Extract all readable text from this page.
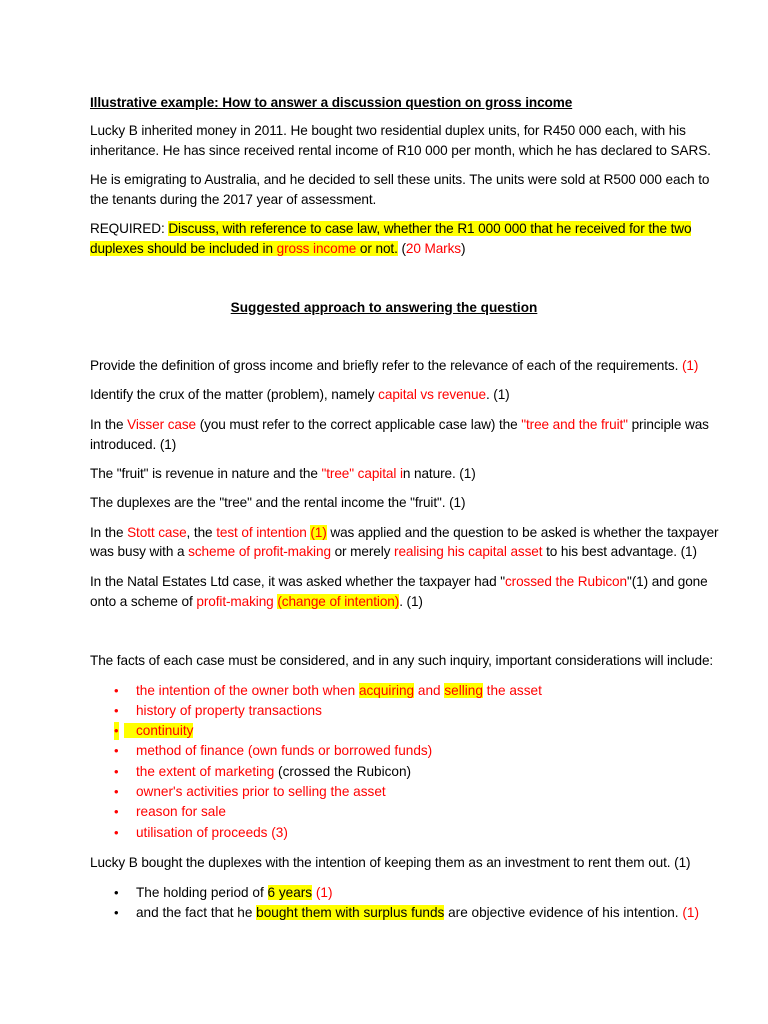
Illustrative example: How to answer a discussion question on gross income
Lucky B inherited money in 2011. He bought two residential duplex units, for R450 000 each, with his
inheritance. He has since received rental income of R10 000 per month, which he has declared to SARS.
He is emigrating to Australia, and he decided to sell these units. The units were sold at R500 000 each to
the tenants during the 2017 year of assessment.
REQUIRED: Discuss, with reference to case law, whether the R1 000 000 that he received for the two
duplexes should be included in gross income or not. (20 Marks)
Suggested approach to answering the question
Provide the definition of gross income and briefly refer to the relevance of each of the requirements. (1)
Identify the crux of the matter (problem), namely capital vs revenue. (1)
In the Visser case (you must refer to the correct applicable case law) the "tree and the fruit" principle was
introduced. (1)
The "fruit" is revenue in nature and the "tree" capital in nature. (1)
The duplexes are the "tree" and the rental income the "fruit". (1)
In the Stott case, the test of intention (1) was applied and the question to be asked is whether the taxpayer
was busy with a scheme of profit-making or merely realising his capital asset to his best advantage. (1)
In the Natal Estates Ltd case, it was asked whether the taxpayer had "crossed the Rubicon"(1) and gone
onto a scheme of profit-making (change of intention). (1)
The facts of each case must be considered, and in any such inquiry, important considerations will include:
• the intention of the owner both when acquiring and selling the asset
• history of property transactions
•	continuity
• method of finance (own funds or borrowed funds)
• the extent of marketing (crossed the Rubicon)
• owner's activities prior to selling the asset
• reason for sale
• utilisation of proceeds (3)
Lucky B bought the duplexes with the intention of keeping them as an investment to rent them out. (1)
• The holding period of 6 years (1)
• and the fact that he bought them with surplus funds are objective evidence of his intention. (1)
